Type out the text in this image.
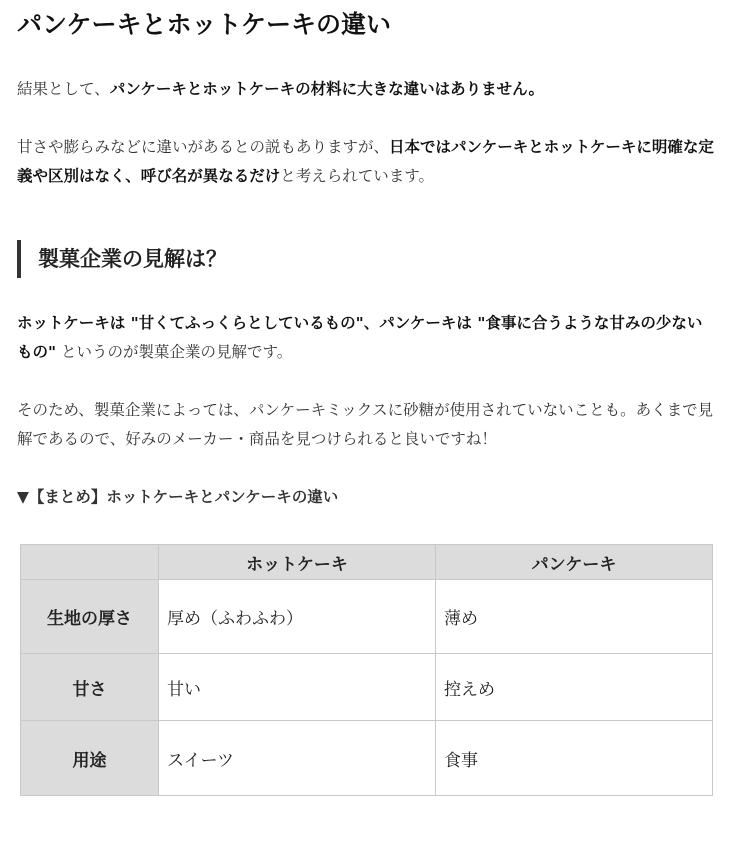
パンケーキとホットケーキの違い

結果として、パンケーキとホットケーキの材料に大きな違いはありません。

甘さや膨らみなどに違いがあるとの説もありますが、日本ではパンケーキとホットケーキに明確な定義や区別はなく、呼び名が異なるだけと考えられています。

製菓企業の見解は？

ホットケーキは "甘くてふっくらとしているもの"、パンケーキは "食事に合うような甘みの少ないもの" というのが製菓企業の見解です。

そのため、製菓企業によっては、パンケーキミックスに砂糖が使用されていないことも。あくまで見解であるので、好みのメーカー・商品を見つけられると良いですね！

▼【まとめ】ホットケーキとパンケーキの違い

	ホットケーキ	パンケーキ
生地の厚さ	厚め（ふわふわ）	薄め
甘さ	甘い	控えめ
用途	スイーツ	食事
